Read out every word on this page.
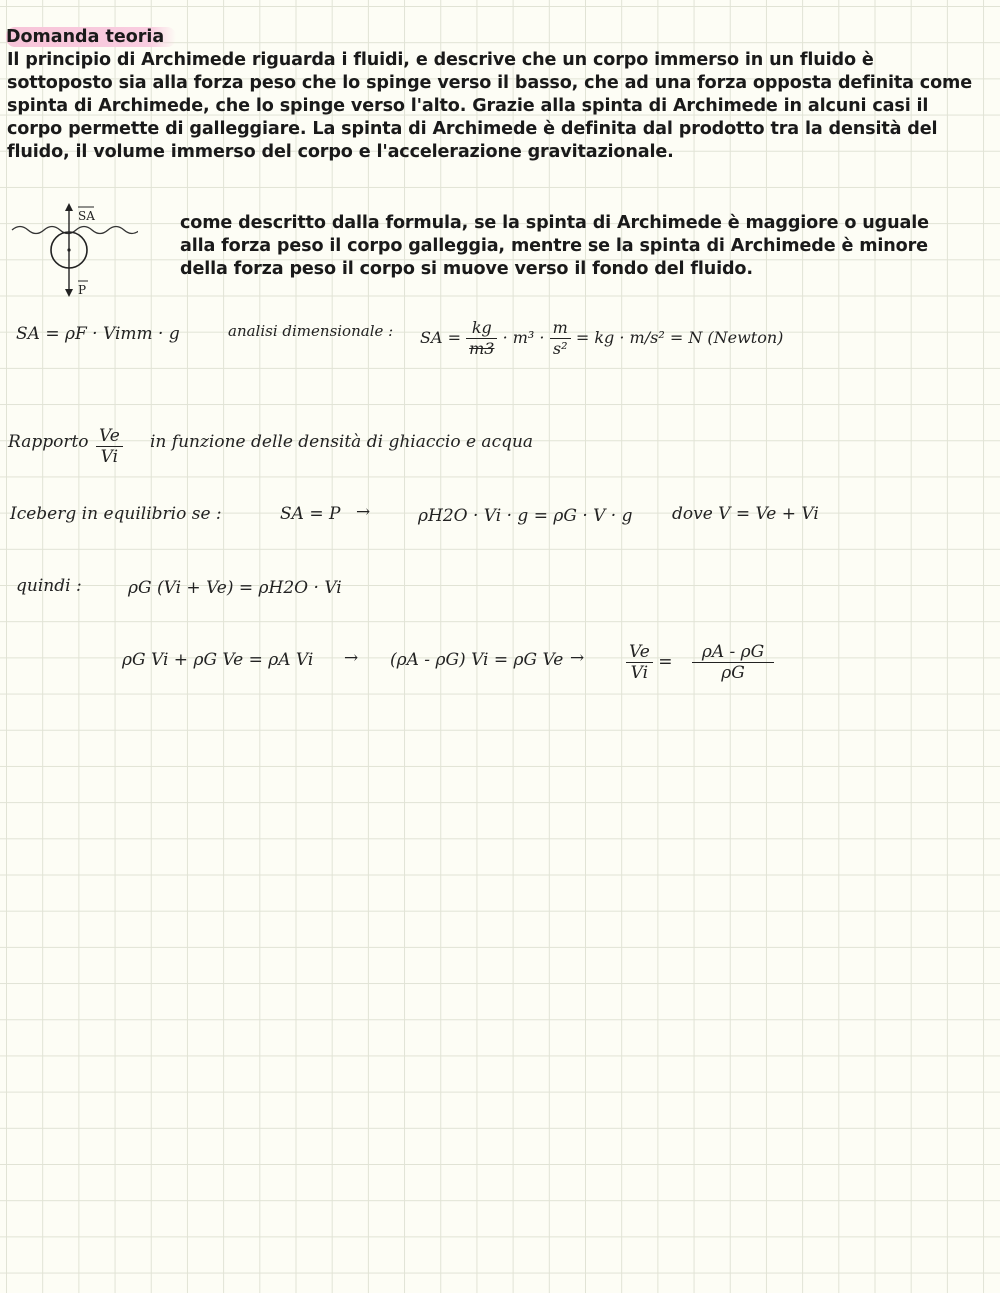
Domanda teoria
Il principio di Archimede riguarda i fluidi, e descrive che un corpo immerso in un fluido è sottoposto sia alla forza peso che lo spinge verso il basso, che ad una forza opposta definita come spinta di Archimede, che lo spinge verso l'alto. Grazie alla spinta di Archimede in alcuni casi il corpo permette di galleggiare. La spinta di Archimede è definita dal prodotto tra la densità del fluido, il volume immerso del corpo e l'accelerazione gravitazionale.
SA
P
come descritto dalla formula, se la spinta di Archimede è maggiore o uguale alla forza peso il corpo galleggia, mentre se la spinta di Archimede è minore della forza peso il corpo si muove verso il fondo del fluido.
SA = ρF · Vimm · g	analisi dimensionale : SA = $\frac{kg}{m3} \cdot m^3 \cdot \frac{m}{\text{s²}}$ = kg · m/s² = N (Newton)
Rapporto $\frac{Ve}{Vi}$ in funzione delle densità di ghiaccio e acqua
Iceberg in equilibrio se :	SA = P →	ρH2O · Vi · g = ρG · V · g dove V = Ve + Vi
quindi :	ρG (Vi + Ve) = ρH2O · Vi
ρG Vi + ρG Ve = ρA Vi → (ρA - ρG) Vi = ρG $Ve \to \frac{Ve}{Vi} = \frac{\rho A - \rho G}{\rho G}$
